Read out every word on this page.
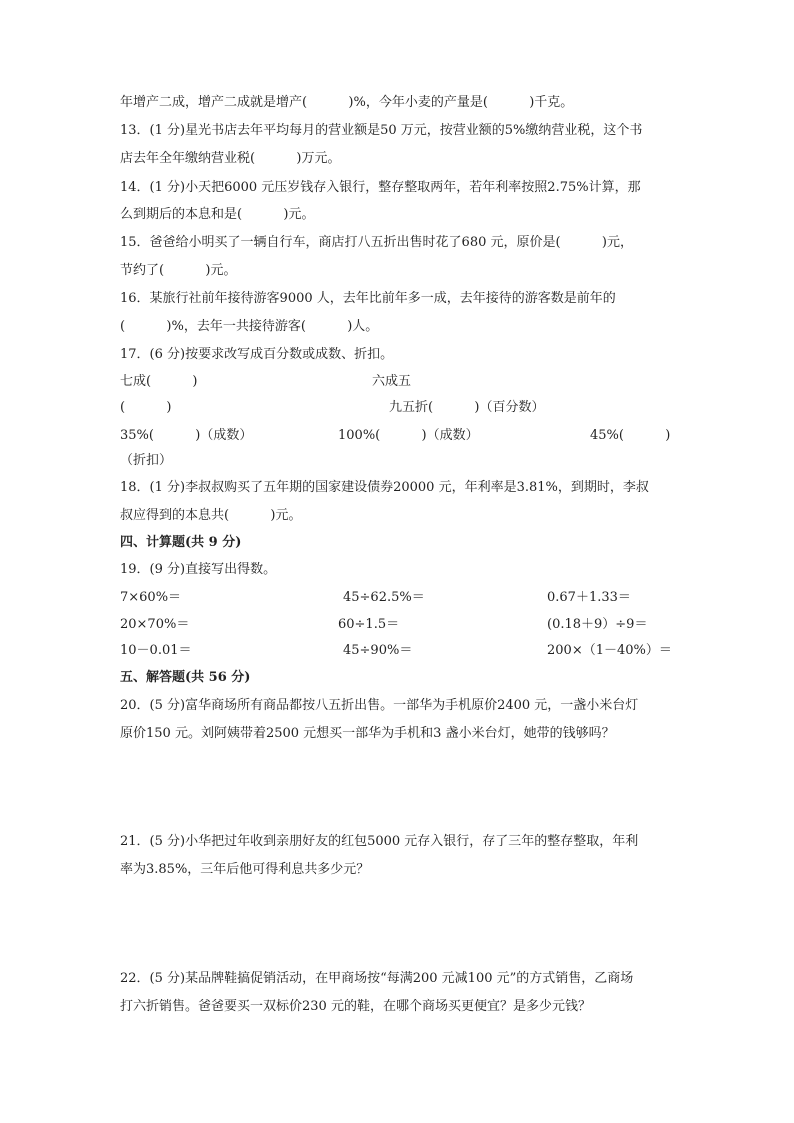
年增产二成，增产二成就是增产(          )%，今年小麦的产量是(          )千克。
13．(1 分)星光书店去年平均每月的营业额是50 万元，按营业额的5%缴纳营业税，这个书
店去年全年缴纳营业税(          )万元。
14．(1 分)小天把6000 元压岁钱存入银行，整存整取两年，若年利率按照2.75%计算，那
么到期后的本息和是(          )元。
15．爸爸给小明买了一辆自行车，商店打八五折出售时花了680 元，原价是(          )元，
节约了(          )元。
16．某旅行社前年接待游客9000 人，去年比前年多一成，去年接待的游客数是前年的
(          )%，去年一共接待游客(          )人。
17．(6 分)按要求改写成百分数或成数、折扣。
七成(          )	六成五
(          )	九五折(          )（百分数）
35%(          )（成数）	100%(          )（成数）	45%(          )
（折扣）
18．(1 分)李叔叔购买了五年期的国家建设债券20000 元，年利率是3.81%，到期时，李叔
叔应得到的本息共(          )元。
四、计算题(共 9 分)
19．(9 分)直接写出得数。
7×60%＝	45÷62.5%＝	0.67＋1.33＝
20×70%＝	60÷1.5＝	(0.18＋9）÷9＝
10－0.01＝	45÷90%＝	200×（1－40%）＝
五、解答题(共 56 分)
20．(5 分)富华商场所有商品都按八五折出售。一部华为手机原价2400 元，一盏小米台灯
原价150 元。刘阿姨带着2500 元想买一部华为手机和3 盏小米台灯，她带的钱够吗？
21．(5 分)小华把过年收到亲朋好友的红包5000 元存入银行，存了三年的整存整取，年利
率为3.85%，三年后他可得利息共多少元？
22．(5 分)某品牌鞋搞促销活动，在甲商场按“每满200 元减100 元”的方式销售，乙商场
打六折销售。爸爸要买一双标价230 元的鞋，在哪个商场买更便宜？是多少元钱？
